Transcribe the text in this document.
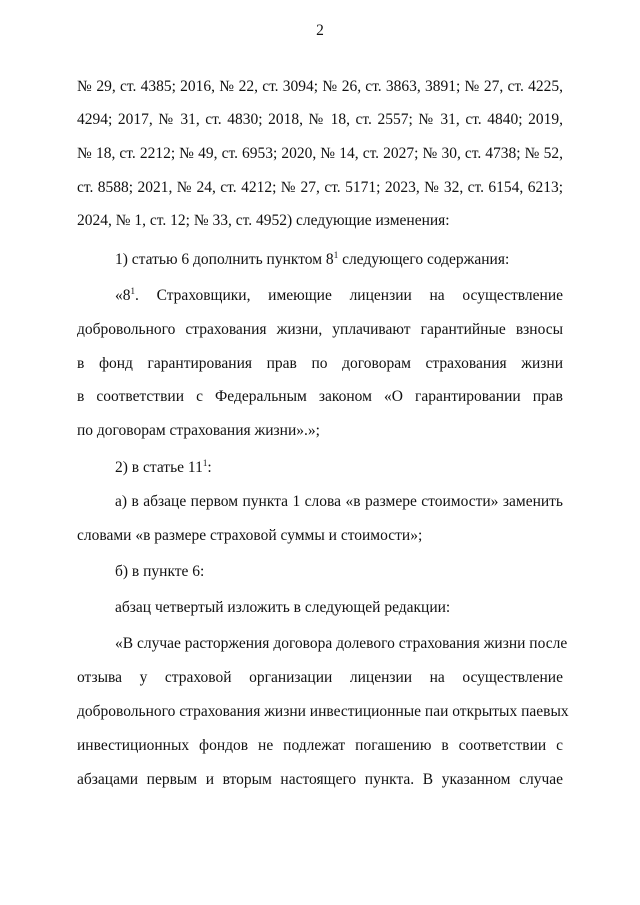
2
№ 29, ст. 4385; 2016, № 22, ст. 3094; № 26, ст. 3863, 3891; № 27, ст. 4225,
4294; 2017, № 31, ст. 4830; 2018, № 18, ст. 2557; № 31, ст. 4840; 2019,
№ 18, ст. 2212; № 49, ст. 6953; 2020, № 14, ст. 2027; № 30, ст. 4738; № 52,
ст. 8588; 2021, № 24, ст. 4212; № 27, ст. 5171; 2023, № 32, ст. 6154, 6213;
2024, № 1, ст. 12; № 33, ст. 4952) следующие изменения:
1) статью 6 дополнить пунктом $8^1$ следующего содержания:
«$8^1$. Страховщики, имеющие лицензии на осуществление
добровольного страхования жизни, уплачивают гарантийные взносы
в фонд гарантирования прав по договорам страхования жизни
в соответствии с Федеральным законом «О гарантировании прав
по договорам страхования жизни».»;
2) в статье $11^1$:
а) в абзаце первом пункта 1 слова «в размере стоимости» заменить
словами «в размере страховой суммы и стоимости»;
б) в пункте 6:
абзац четвертый изложить в следующей редакции:
«В случае расторжения договора долевого страхования жизни после
отзыва у страховой организации лицензии на осуществление
добровольного страхования жизни инвестиционные паи открытых паевых
инвестиционных фондов не подлежат погашению в соответствии с
абзацами первым и вторым настоящего пункта. В указанном случае
